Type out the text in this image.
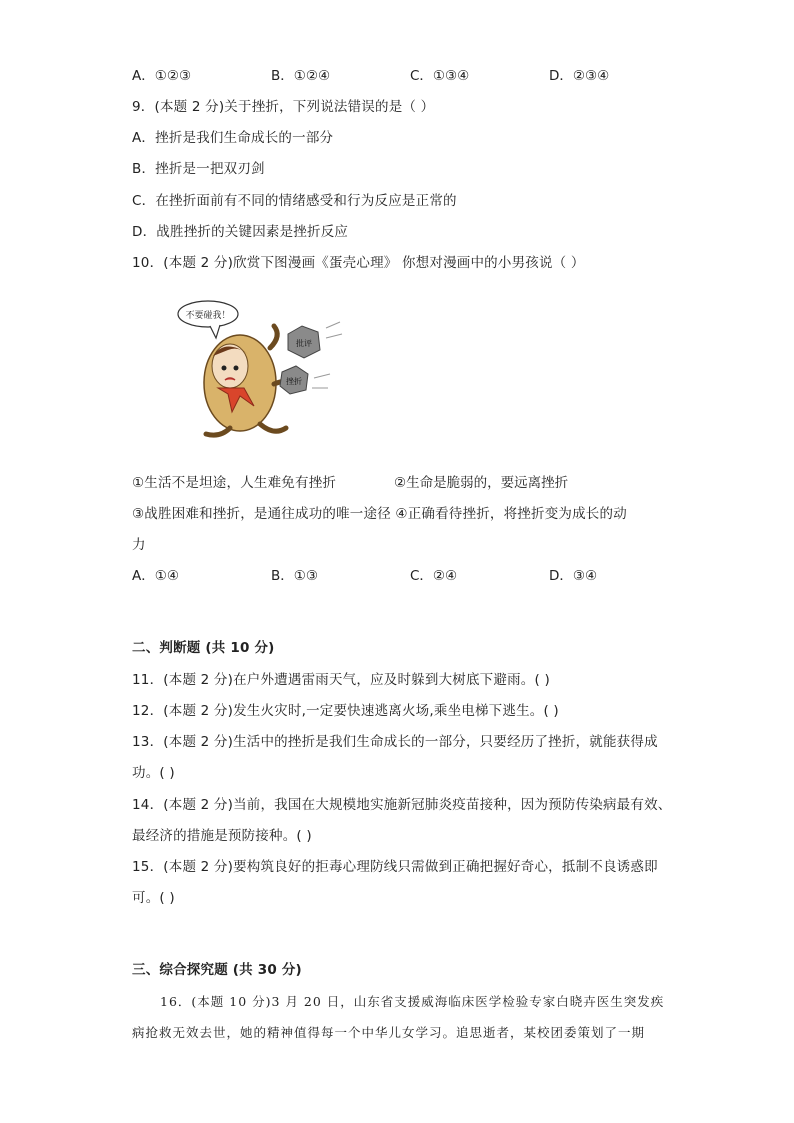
A．①②③	B．①②④	C．①③④	D．②③④
9．(本题 2 分)关于挫折，下列说法错误的是（ ）
A．挫折是我们生命成长的一部分
B．挫折是一把双刃剑
C．在挫折面前有不同的情绪感受和行为反应是正常的
D．战胜挫折的关键因素是挫折反应
10．(本题 2 分)欣赏下图漫画《蛋壳心理》 你想对漫画中的小男孩说（ ）
不要碰我！
批评
挫折
①生活不是坦途，人生难免有挫折	②生命是脆弱的，要远离挫折
③战胜困难和挫折，是通往成功的唯一途径 ④正确看待挫折，将挫折变为成长的动
力
A．①④	B．①③	C．②④	D．③④
二、判断题 (共 10 分)
11．(本题 2 分)在户外遭遇雷雨天气，应及时躲到大树底下避雨。( )
12．(本题 2 分)发生火灾时,一定要快速逃离火场,乘坐电梯下逃生。( )
13．(本题 2 分)生活中的挫折是我们生命成长的一部分，只要经历了挫折，就能获得成
功。( )
14．(本题 2 分)当前，我国在大规模地实施新冠肺炎疫苗接种，因为预防传染病最有效、
最经济的措施是预防接种。( )
15．(本题 2 分)要构筑良好的拒毒心理防线只需做到正确把握好奇心，抵制不良诱惑即
可。( )
三、综合探究题 (共 30 分)
16．(本题 10 分)3 月 20 日，山东省支援威海临床医学检验专家白晓卉医生突发疾
病抢救无效去世，她的精神值得每一个中华儿女学习。追思逝者，某校团委策划了一期
